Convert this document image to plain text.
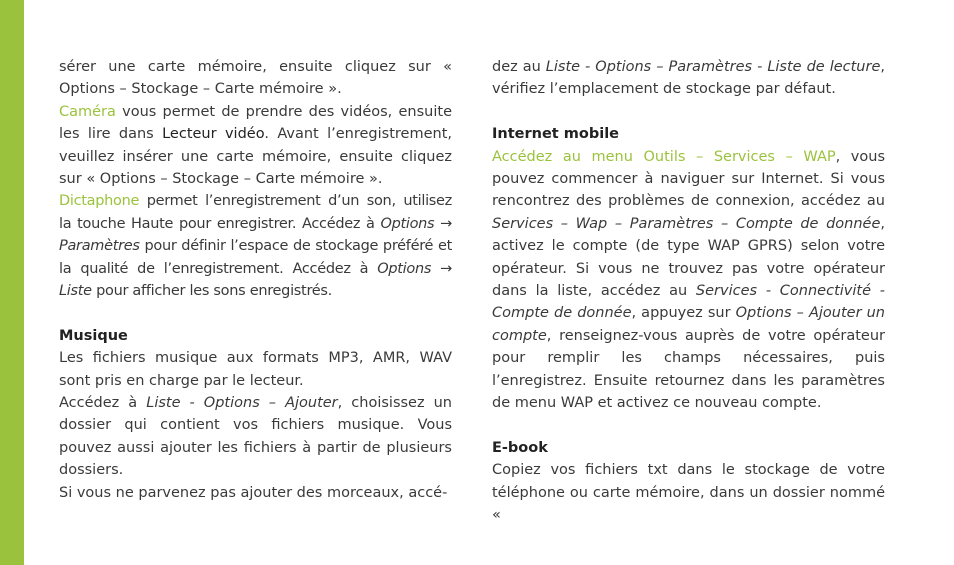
sérer une carte mémoire, ensuite cliquez sur « Options – Stockage – Carte mémoire ».

Caméra vous permet de prendre des vidéos, ensuite les lire dans Lecteur vidéo. Avant l’enregistrement, veuillez insérer une carte mémoire, ensuite cliquez sur « Options – Stockage – Carte mémoire ».

Dictaphone permet l’enregistrement d’un son, utilisez la touche Haute pour enregistrer. Accédez à Options → Paramètres pour définir l’espace de stockage préféré et la qualité de l’enregistrement. Accédez à Options → Liste pour afficher les sons enregistrés.

Musique

Les fichiers musique aux formats MP3, AMR, WAV sont pris en charge par le lecteur.

Accédez à Liste - Options – Ajouter, choisissez un dossier qui contient vos fichiers musique. Vous pouvez aussi ajouter les fichiers à partir de plusieurs dossiers.

Si vous ne parvenez pas ajouter des morceaux, accé-

dez au Liste - Options – Paramètres - Liste de lecture, vérifiez l’emplacement de stockage par défaut.

Internet mobile

Accédez au menu Outils – Services – WAP, vous pouvez commencer à naviguer sur Internet. Si vous rencontrez des problèmes de connexion, accédez au Services – Wap – Paramètres – Compte de donnée, activez le compte (de type WAP GPRS) selon votre opérateur. Si vous ne trouvez pas votre opérateur dans la liste, accédez au Services - Connectivité - Compte de donnée, appuyez sur Options – Ajouter un compte, renseignez-vous auprès de votre opérateur pour remplir les champs nécessaires, puis l’enregistrez. Ensuite retournez dans les paramètres de menu WAP et activez ce nouveau compte.

E-book

Copiez vos fichiers txt dans le stockage de votre téléphone ou carte mémoire, dans un dossier nommé «
